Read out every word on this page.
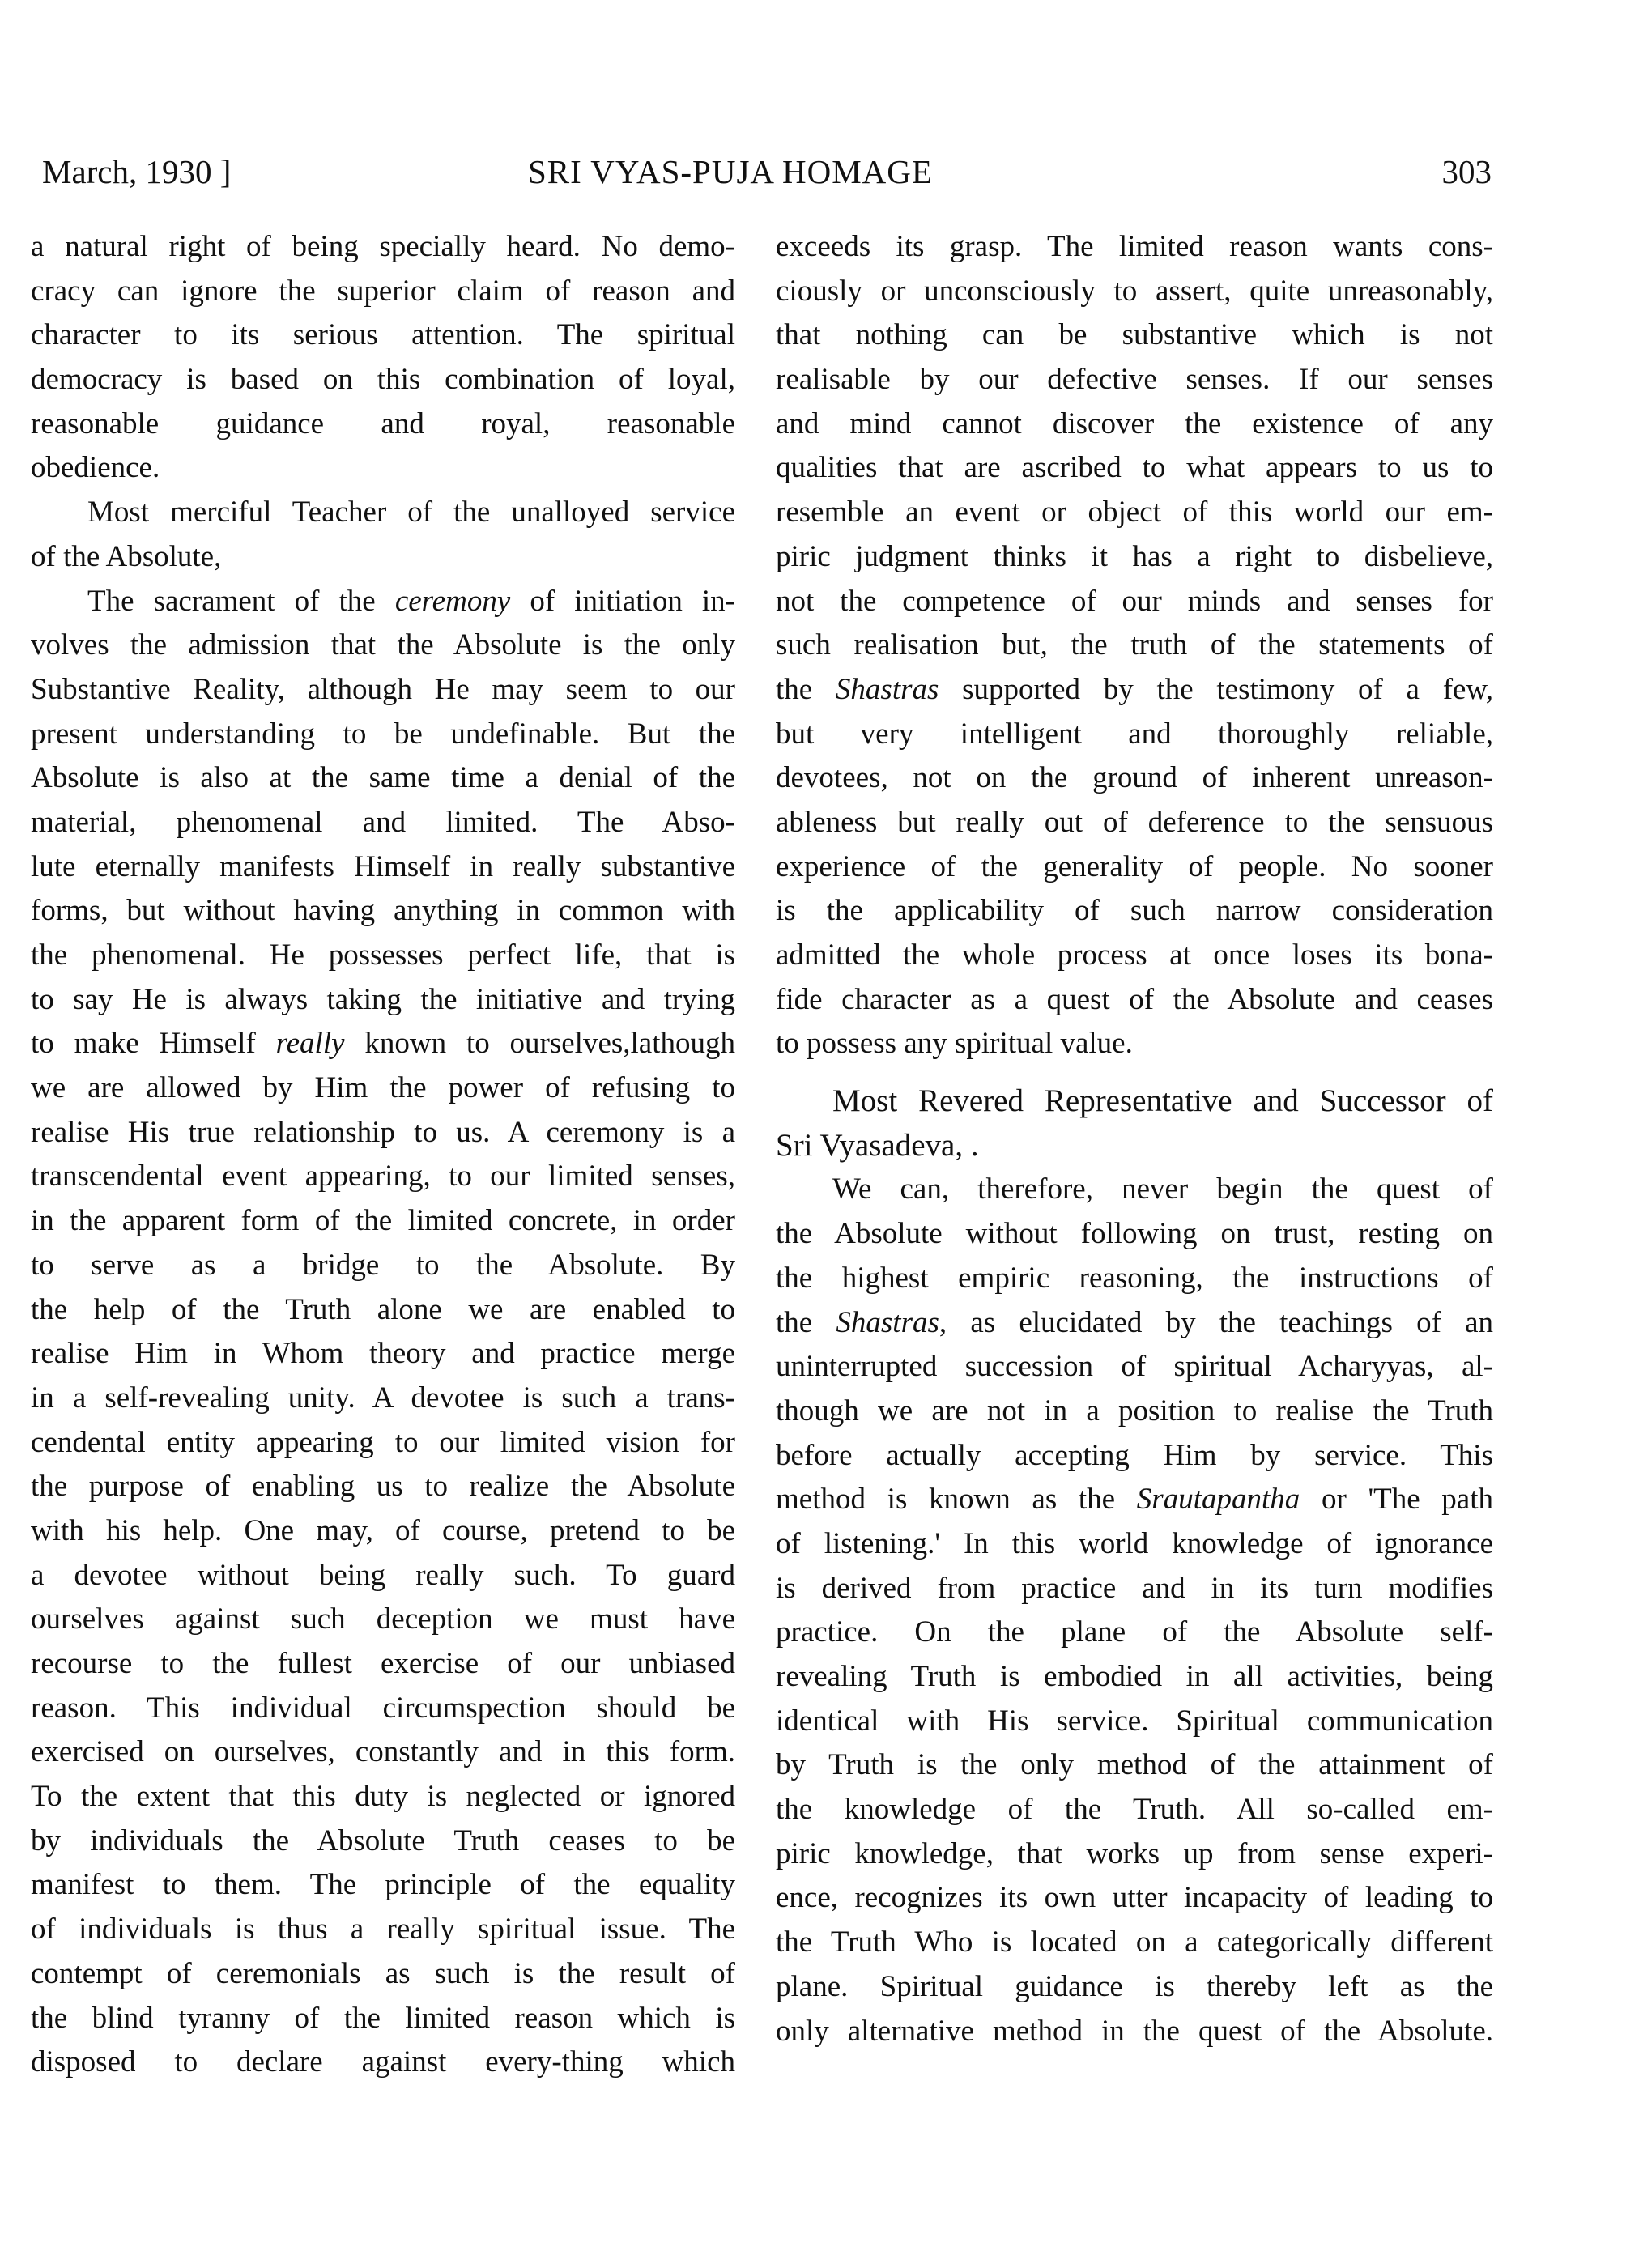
March, 1930 ]	SRI VYAS-PUJA HOMAGE	303
a natural right of being specially heard. No demo-
cracy can ignore the superior claim of reason and
character to its serious attention. The spiritual
democracy is based on this combination of loyal,
reasonable guidance and royal, reasonable
obedience.
Most merciful Teacher of the unalloyed service
of the Absolute,
The sacrament of the ceremony of initiation in-
volves the admission that the Absolute is the only
Substantive Reality, although He may seem to our
present understanding to be undefinable. But the
Absolute is also at the same time a denial of the
material, phenomenal and limited. The Abso-
lute eternally manifests Himself in really substantive
forms, but without having anything in common with
the phenomenal. He possesses perfect life, that is
to say He is always taking the initiative and trying
to make Himself really known to ourselves,lathough
we are allowed by Him the power of refusing to
realise His true relationship to us. A ceremony is a
transcendental event appearing, to our limited senses,
in the apparent form of the limited concrete, in order
to serve as a bridge to the Absolute. By
the help of the Truth alone we are enabled to
realise Him in Whom theory and practice merge
in a self-revealing unity. A devotee is such a trans-
cendental entity appearing to our limited vision for
the purpose of enabling us to realize the Absolute
with his help. One may, of course, pretend to be
a devotee without being really such. To guard
ourselves against such deception we must have
recourse to the fullest exercise of our unbiased
reason. This individual circumspection should be
exercised on ourselves, constantly and in this form.
To the extent that this duty is neglected or ignored
by individuals the Absolute Truth ceases to be
manifest to them. The principle of the equality
of individuals is thus a really spiritual issue. The
contempt of ceremonials as such is the result of
the blind tyranny of the limited reason which is
disposed to declare against every-thing which
exceeds its grasp. The limited reason wants cons-
ciously or unconsciously to assert, quite unreasonably,
that nothing can be substantive which is not
realisable by our defective senses. If our senses
and mind cannot discover the existence of any
qualities that are ascribed to what appears to us to
resemble an event or object of this world our em-
piric judgment thinks it has a right to disbelieve,
not the competence of our minds and senses for
such realisation but, the truth of the statements of
the Shastras supported by the testimony of a few,
but very intelligent and thoroughly reliable,
devotees, not on the ground of inherent unreason-
ableness but really out of deference to the sensuous
experience of the generality of people. No sooner
is the applicability of such narrow consideration
admitted the whole process at once loses its bona-
fide character as a quest of the Absolute and ceases
to possess any spiritual value.
Most Revered Representative and Successor of
Sri Vyasadeva, .
We can, therefore, never begin the quest of
the Absolute without following on trust, resting on
the highest empiric reasoning, the instructions of
the Shastras, as elucidated by the teachings of an
uninterrupted succession of spiritual Acharyyas, al-
though we are not in a position to realise the Truth
before actually accepting Him by service. This
method is known as the Srautapantha or 'The path
of listening.' In this world knowledge of ignorance
is derived from practice and in its turn modifies
practice. On the plane of the Absolute self-
revealing Truth is embodied in all activities, being
identical with His service. Spiritual communication
by Truth is the only method of the attainment of
the knowledge of the Truth. All so-called em-
piric knowledge, that works up from sense experi-
ence, recognizes its own utter incapacity of leading to
the Truth Who is located on a categorically different
plane. Spiritual guidance is thereby left as the
only alternative method in the quest of the Absolute.
